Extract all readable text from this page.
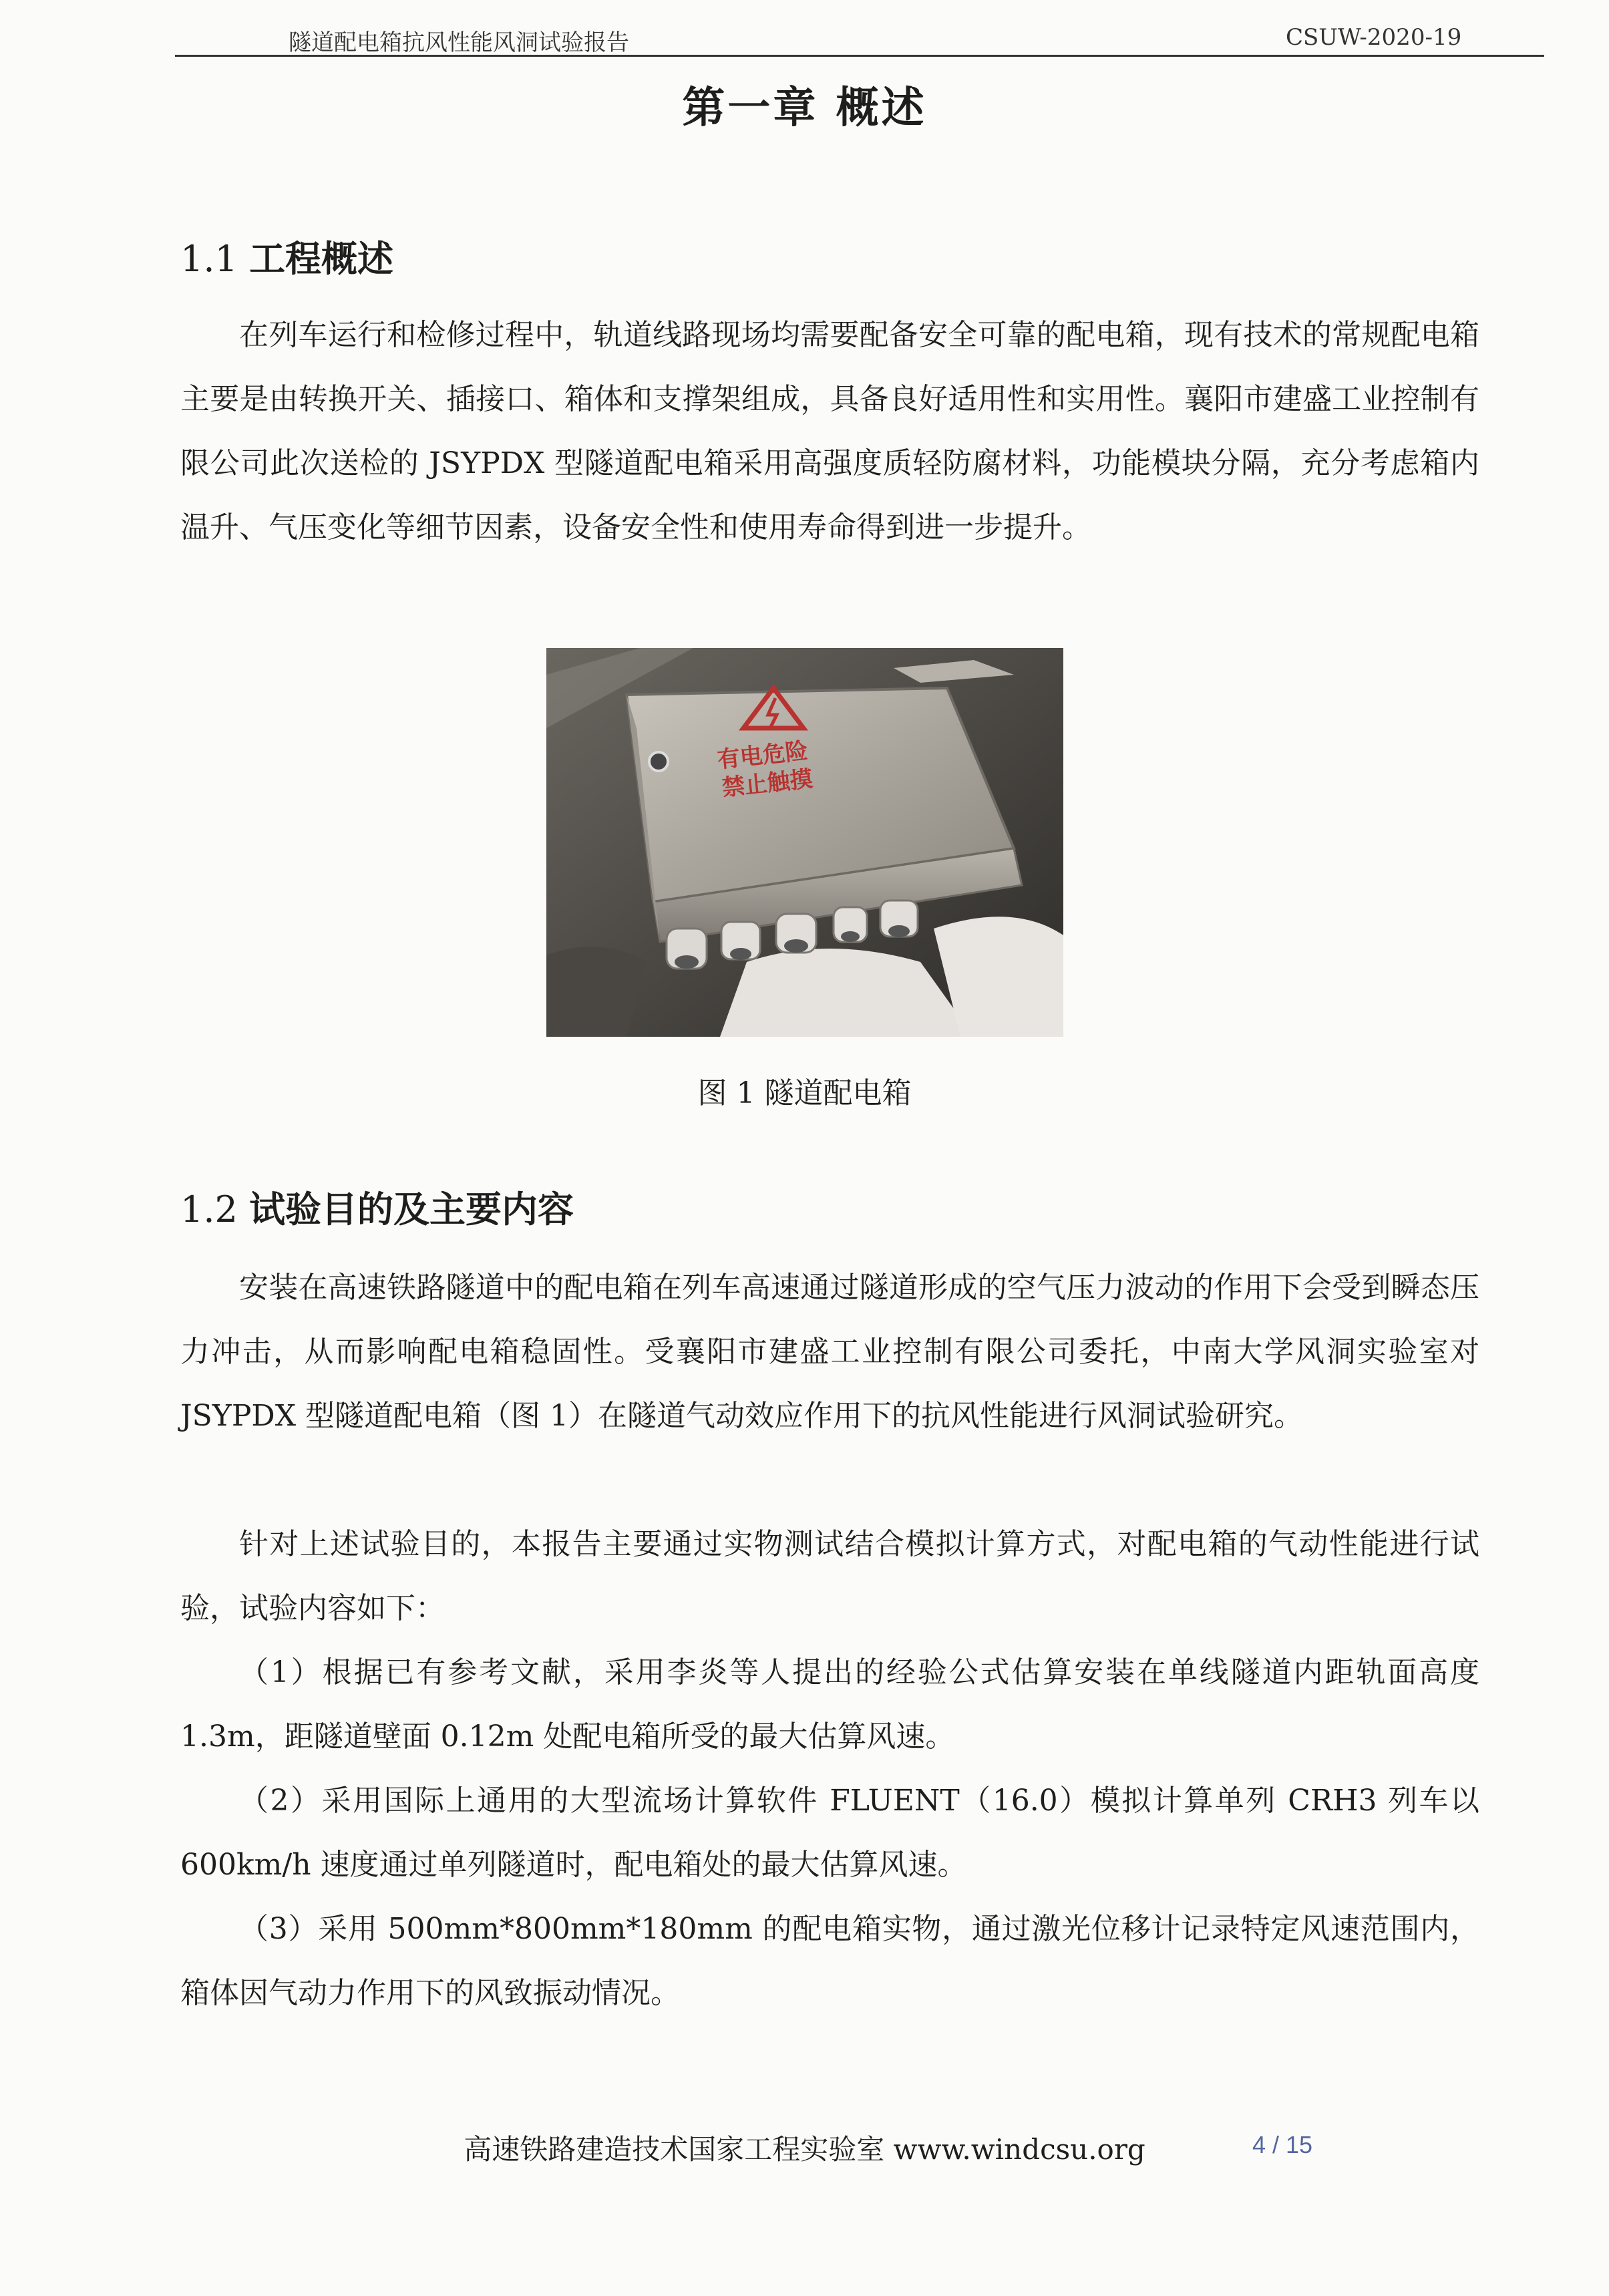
隧道配电箱抗风性能风洞试验报告	CSUW-2020-19
第一章 概述
1.1 工程概述

在列车运行和检修过程中，轨道线路现场均需要配备安全可靠的配电箱，现有技术的常规配电箱主要是由转换开关、插接口、箱体和支撑架组成，具备良好适用性和实用性。襄阳市建盛工业控制有限公司此次送检的 JSYPDX 型隧道配电箱采用高强度质轻防腐材料，功能模块分隔，充分考虑箱内温升、气压变化等细节因素，设备安全性和使用寿命得到进一步提升。

有电危险
禁止触摸
图 1 隧道配电箱
1.2 试验目的及主要内容

安装在高速铁路隧道中的配电箱在列车高速通过隧道形成的空气压力波动的作用下会受到瞬态压力冲击，从而影响配电箱稳固性。受襄阳市建盛工业控制有限公司委托，中南大学风洞实验室对 JSYPDX 型隧道配电箱（图 1）在隧道气动效应作用下的抗风性能进行风洞试验研究。

针对上述试验目的，本报告主要通过实物测试结合模拟计算方式，对配电箱的气动性能进行试验，试验内容如下：

（1）根据已有参考文献，采用李炎等人提出的经验公式估算安装在单线隧道内距轨面高度 1.3m，距隧道壁面 0.12m 处配电箱所受的最大估算风速。

（2）采用国际上通用的大型流场计算软件 FLUENT（16.0）模拟计算单列 CRH3 列车以 600km/h 速度通过单列隧道时，配电箱处的最大估算风速。

（3）采用 500mm*800mm*180mm 的配电箱实物，通过激光位移计记录特定风速范围内，箱体因气动力作用下的风致振动情况。

高速铁路建造技术国家工程实验室 www.windcsu.org	4 / 15
